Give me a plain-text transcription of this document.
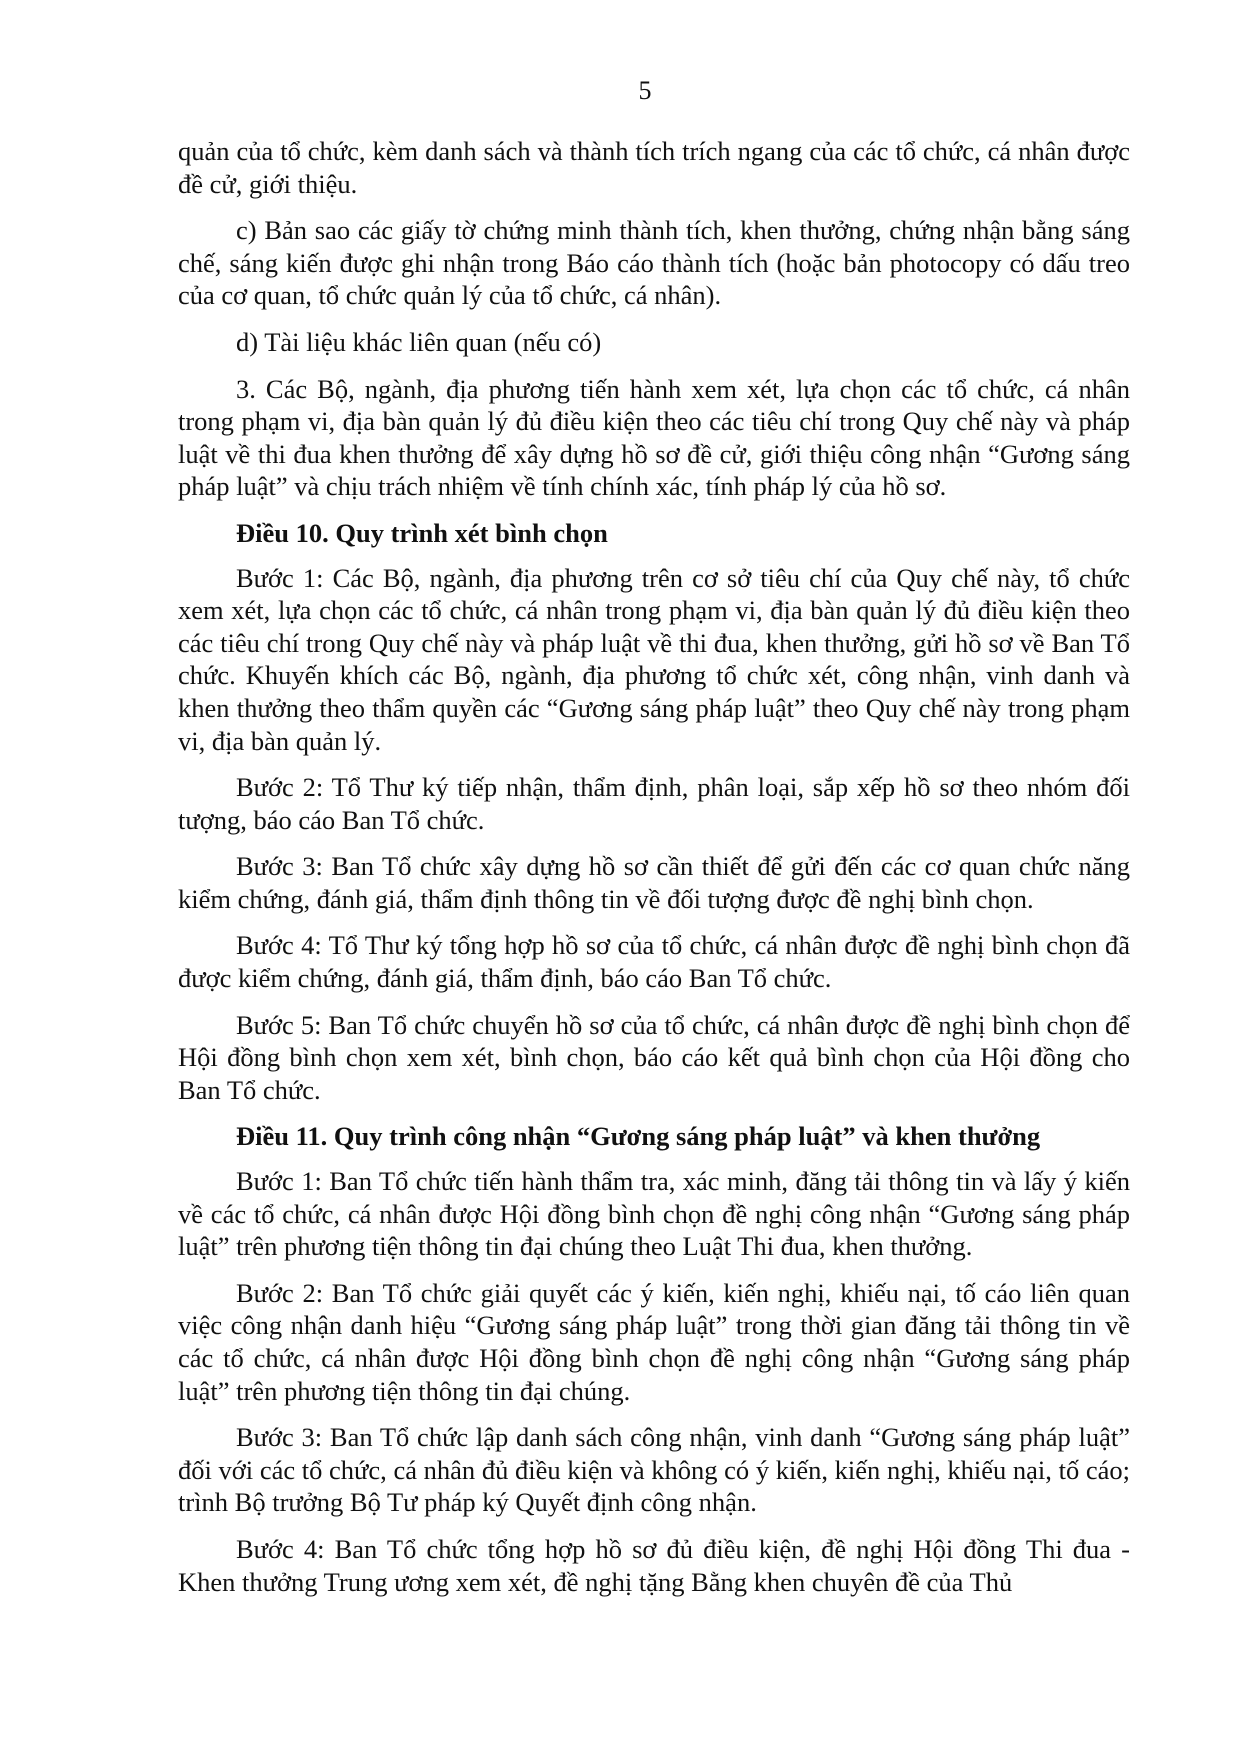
5

quản của tổ chức, kèm danh sách và thành tích trích ngang của các tổ chức, cá nhân được đề cử, giới thiệu.

c) Bản sao các giấy tờ chứng minh thành tích, khen thưởng, chứng nhận bằng sáng chế, sáng kiến được ghi nhận trong Báo cáo thành tích (hoặc bản photocopy có dấu treo của cơ quan, tổ chức quản lý của tổ chức, cá nhân).

d) Tài liệu khác liên quan (nếu có)

3. Các Bộ, ngành, địa phương tiến hành xem xét, lựa chọn các tổ chức, cá nhân trong phạm vi, địa bàn quản lý đủ điều kiện theo các tiêu chí trong Quy chế này và pháp luật về thi đua khen thưởng để xây dựng hồ sơ đề cử, giới thiệu công nhận “Gương sáng pháp luật” và chịu trách nhiệm về tính chính xác, tính pháp lý của hồ sơ.

Điều 10. Quy trình xét bình chọn

Bước 1: Các Bộ, ngành, địa phương trên cơ sở tiêu chí của Quy chế này, tổ chức xem xét, lựa chọn các tổ chức, cá nhân trong phạm vi, địa bàn quản lý đủ điều kiện theo các tiêu chí trong Quy chế này và pháp luật về thi đua, khen thưởng, gửi hồ sơ về Ban Tổ chức. Khuyến khích các Bộ, ngành, địa phương tổ chức xét, công nhận, vinh danh và khen thưởng theo thẩm quyền các “Gương sáng pháp luật” theo Quy chế này trong phạm vi, địa bàn quản lý.

Bước 2: Tổ Thư ký tiếp nhận, thẩm định, phân loại, sắp xếp hồ sơ theo nhóm đối tượng, báo cáo Ban Tổ chức.

Bước 3: Ban Tổ chức xây dựng hồ sơ cần thiết để gửi đến các cơ quan chức năng kiểm chứng, đánh giá, thẩm định thông tin về đối tượng được đề nghị bình chọn.

Bước 4: Tổ Thư ký tổng hợp hồ sơ của tổ chức, cá nhân được đề nghị bình chọn đã được kiểm chứng, đánh giá, thẩm định, báo cáo Ban Tổ chức.

Bước 5: Ban Tổ chức chuyển hồ sơ của tổ chức, cá nhân được đề nghị bình chọn để Hội đồng bình chọn xem xét, bình chọn, báo cáo kết quả bình chọn của Hội đồng cho Ban Tổ chức.

Điều 11. Quy trình công nhận “Gương sáng pháp luật” và khen thưởng

Bước 1: Ban Tổ chức tiến hành thẩm tra, xác minh, đăng tải thông tin và lấy ý kiến về các tổ chức, cá nhân được Hội đồng bình chọn đề nghị công nhận “Gương sáng pháp luật” trên phương tiện thông tin đại chúng theo Luật Thi đua, khen thưởng.

Bước 2: Ban Tổ chức giải quyết các ý kiến, kiến nghị, khiếu nại, tố cáo liên quan việc công nhận danh hiệu “Gương sáng pháp luật” trong thời gian đăng tải thông tin về các tổ chức, cá nhân được Hội đồng bình chọn đề nghị công nhận “Gương sáng pháp luật” trên phương tiện thông tin đại chúng.

Bước 3: Ban Tổ chức lập danh sách công nhận, vinh danh “Gương sáng pháp luật” đối với các tổ chức, cá nhân đủ điều kiện và không có ý kiến, kiến nghị, khiếu nại, tố cáo; trình Bộ trưởng Bộ Tư pháp ký Quyết định công nhận.

Bước 4: Ban Tổ chức tổng hợp hồ sơ đủ điều kiện, đề nghị Hội đồng Thi đua - Khen thưởng Trung ương xem xét, đề nghị tặng Bằng khen chuyên đề của Thủ
